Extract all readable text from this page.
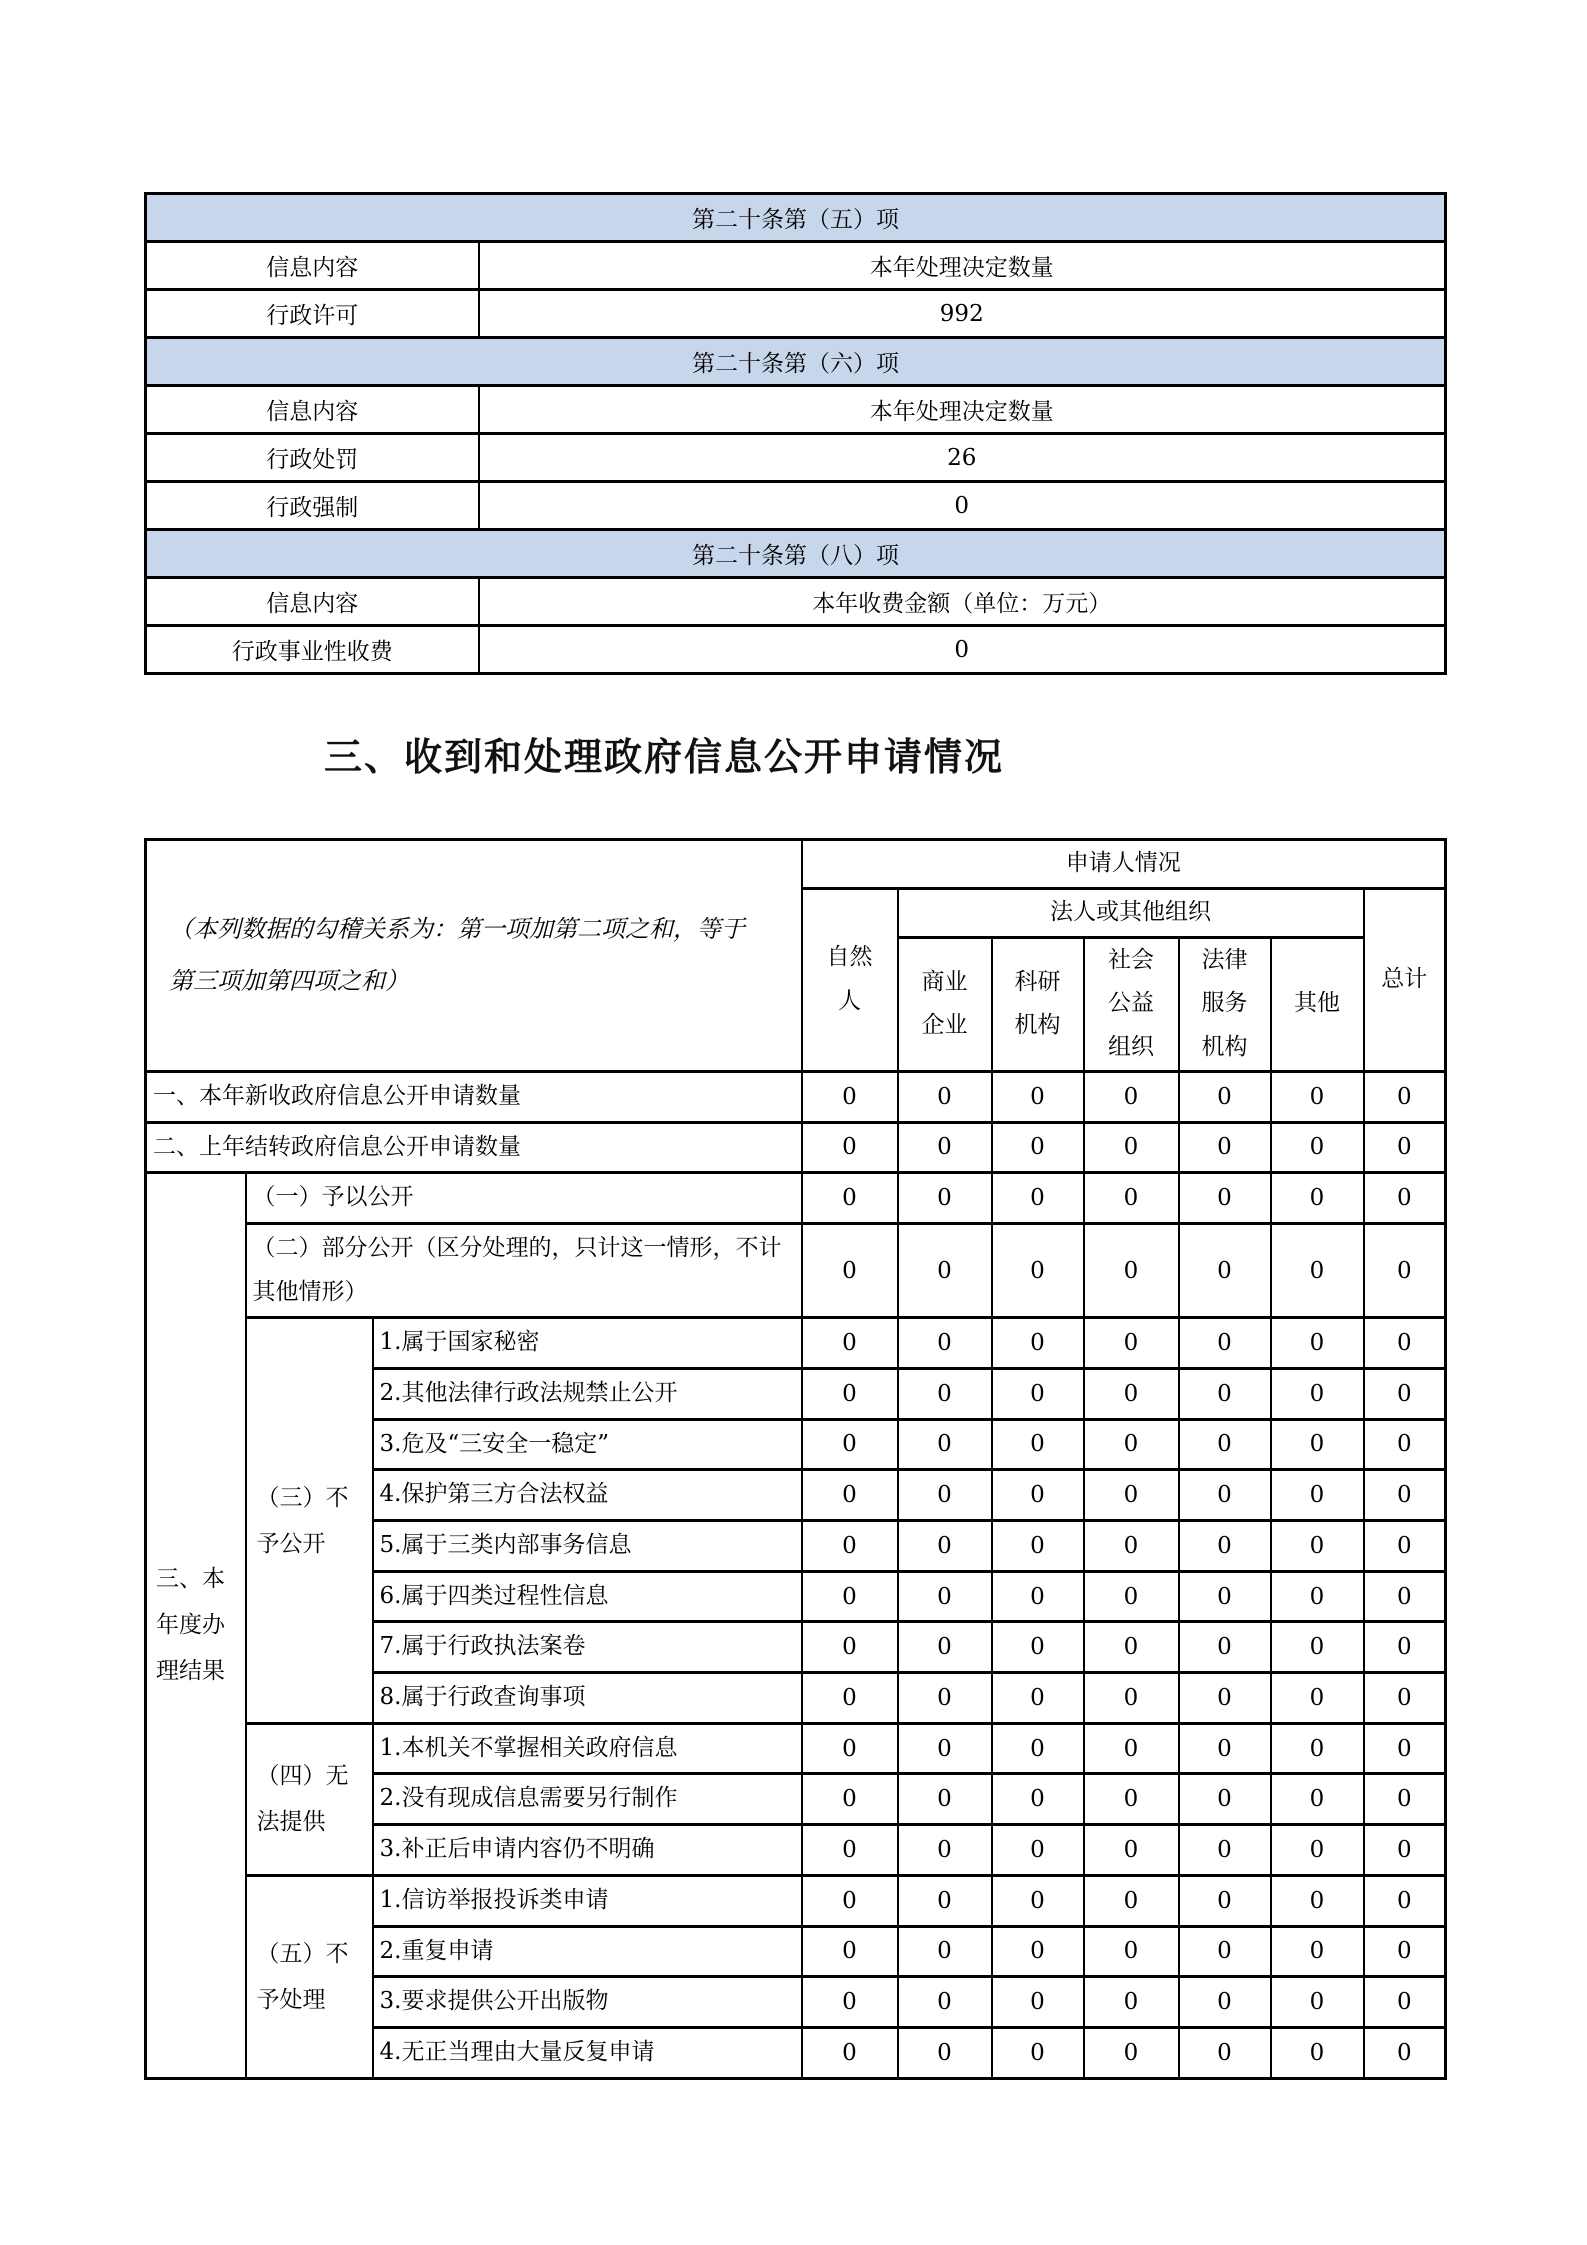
第二十条第（五）项	
信息内容	本年处理决定数量
行政许可	992
第二十条第（六）项	
信息内容	本年处理决定数量
行政处罚	26
行政强制	0
第二十条第（八）项	
信息内容	本年收费金额（单位：万元）
行政事业性收费	0
三、收到和处理政府信息公开申请情况
（本列数据的勾稽关系为：第一项加第二项之和，等于第三项加第四项之和）			申请人情况						
			自然人	法人或其他组织					总计
				商业企业	科研机构	社会公益组织	法律服务机构	其他	
一、本年新收政府信息公开申请数量			0	0	0	0	0	0	0
二、上年结转政府信息公开申请数量			0	0	0	0	0	0	0
三、本年度办理结果	（一）予以公开		0	0	0	0	0	0	0
	（二）部分公开（区分处理的，只计这一情形，不计其他情形）		0	0	0	0	0	0	0
	（三）不予公开	1.属于国家秘密	0	0	0	0	0	0	0
		2.其他法律行政法规禁止公开	0	0	0	0	0	0	0
		3.危及“三安全一稳定”	0	0	0	0	0	0	0
		4.保护第三方合法权益	0	0	0	0	0	0	0
		5.属于三类内部事务信息	0	0	0	0	0	0	0
		6.属于四类过程性信息	0	0	0	0	0	0	0
		7.属于行政执法案卷	0	0	0	0	0	0	0
		8.属于行政查询事项	0	0	0	0	0	0	0
	（四）无法提供	1.本机关不掌握相关政府信息	0	0	0	0	0	0	0
		2.没有现成信息需要另行制作	0	0	0	0	0	0	0
		3.补正后申请内容仍不明确	0	0	0	0	0	0	0
	（五）不予处理	1.信访举报投诉类申请	0	0	0	0	0	0	0
		2.重复申请	0	0	0	0	0	0	0
		3.要求提供公开出版物	0	0	0	0	0	0	0
		4.无正当理由大量反复申请	0	0	0	0	0	0	0
